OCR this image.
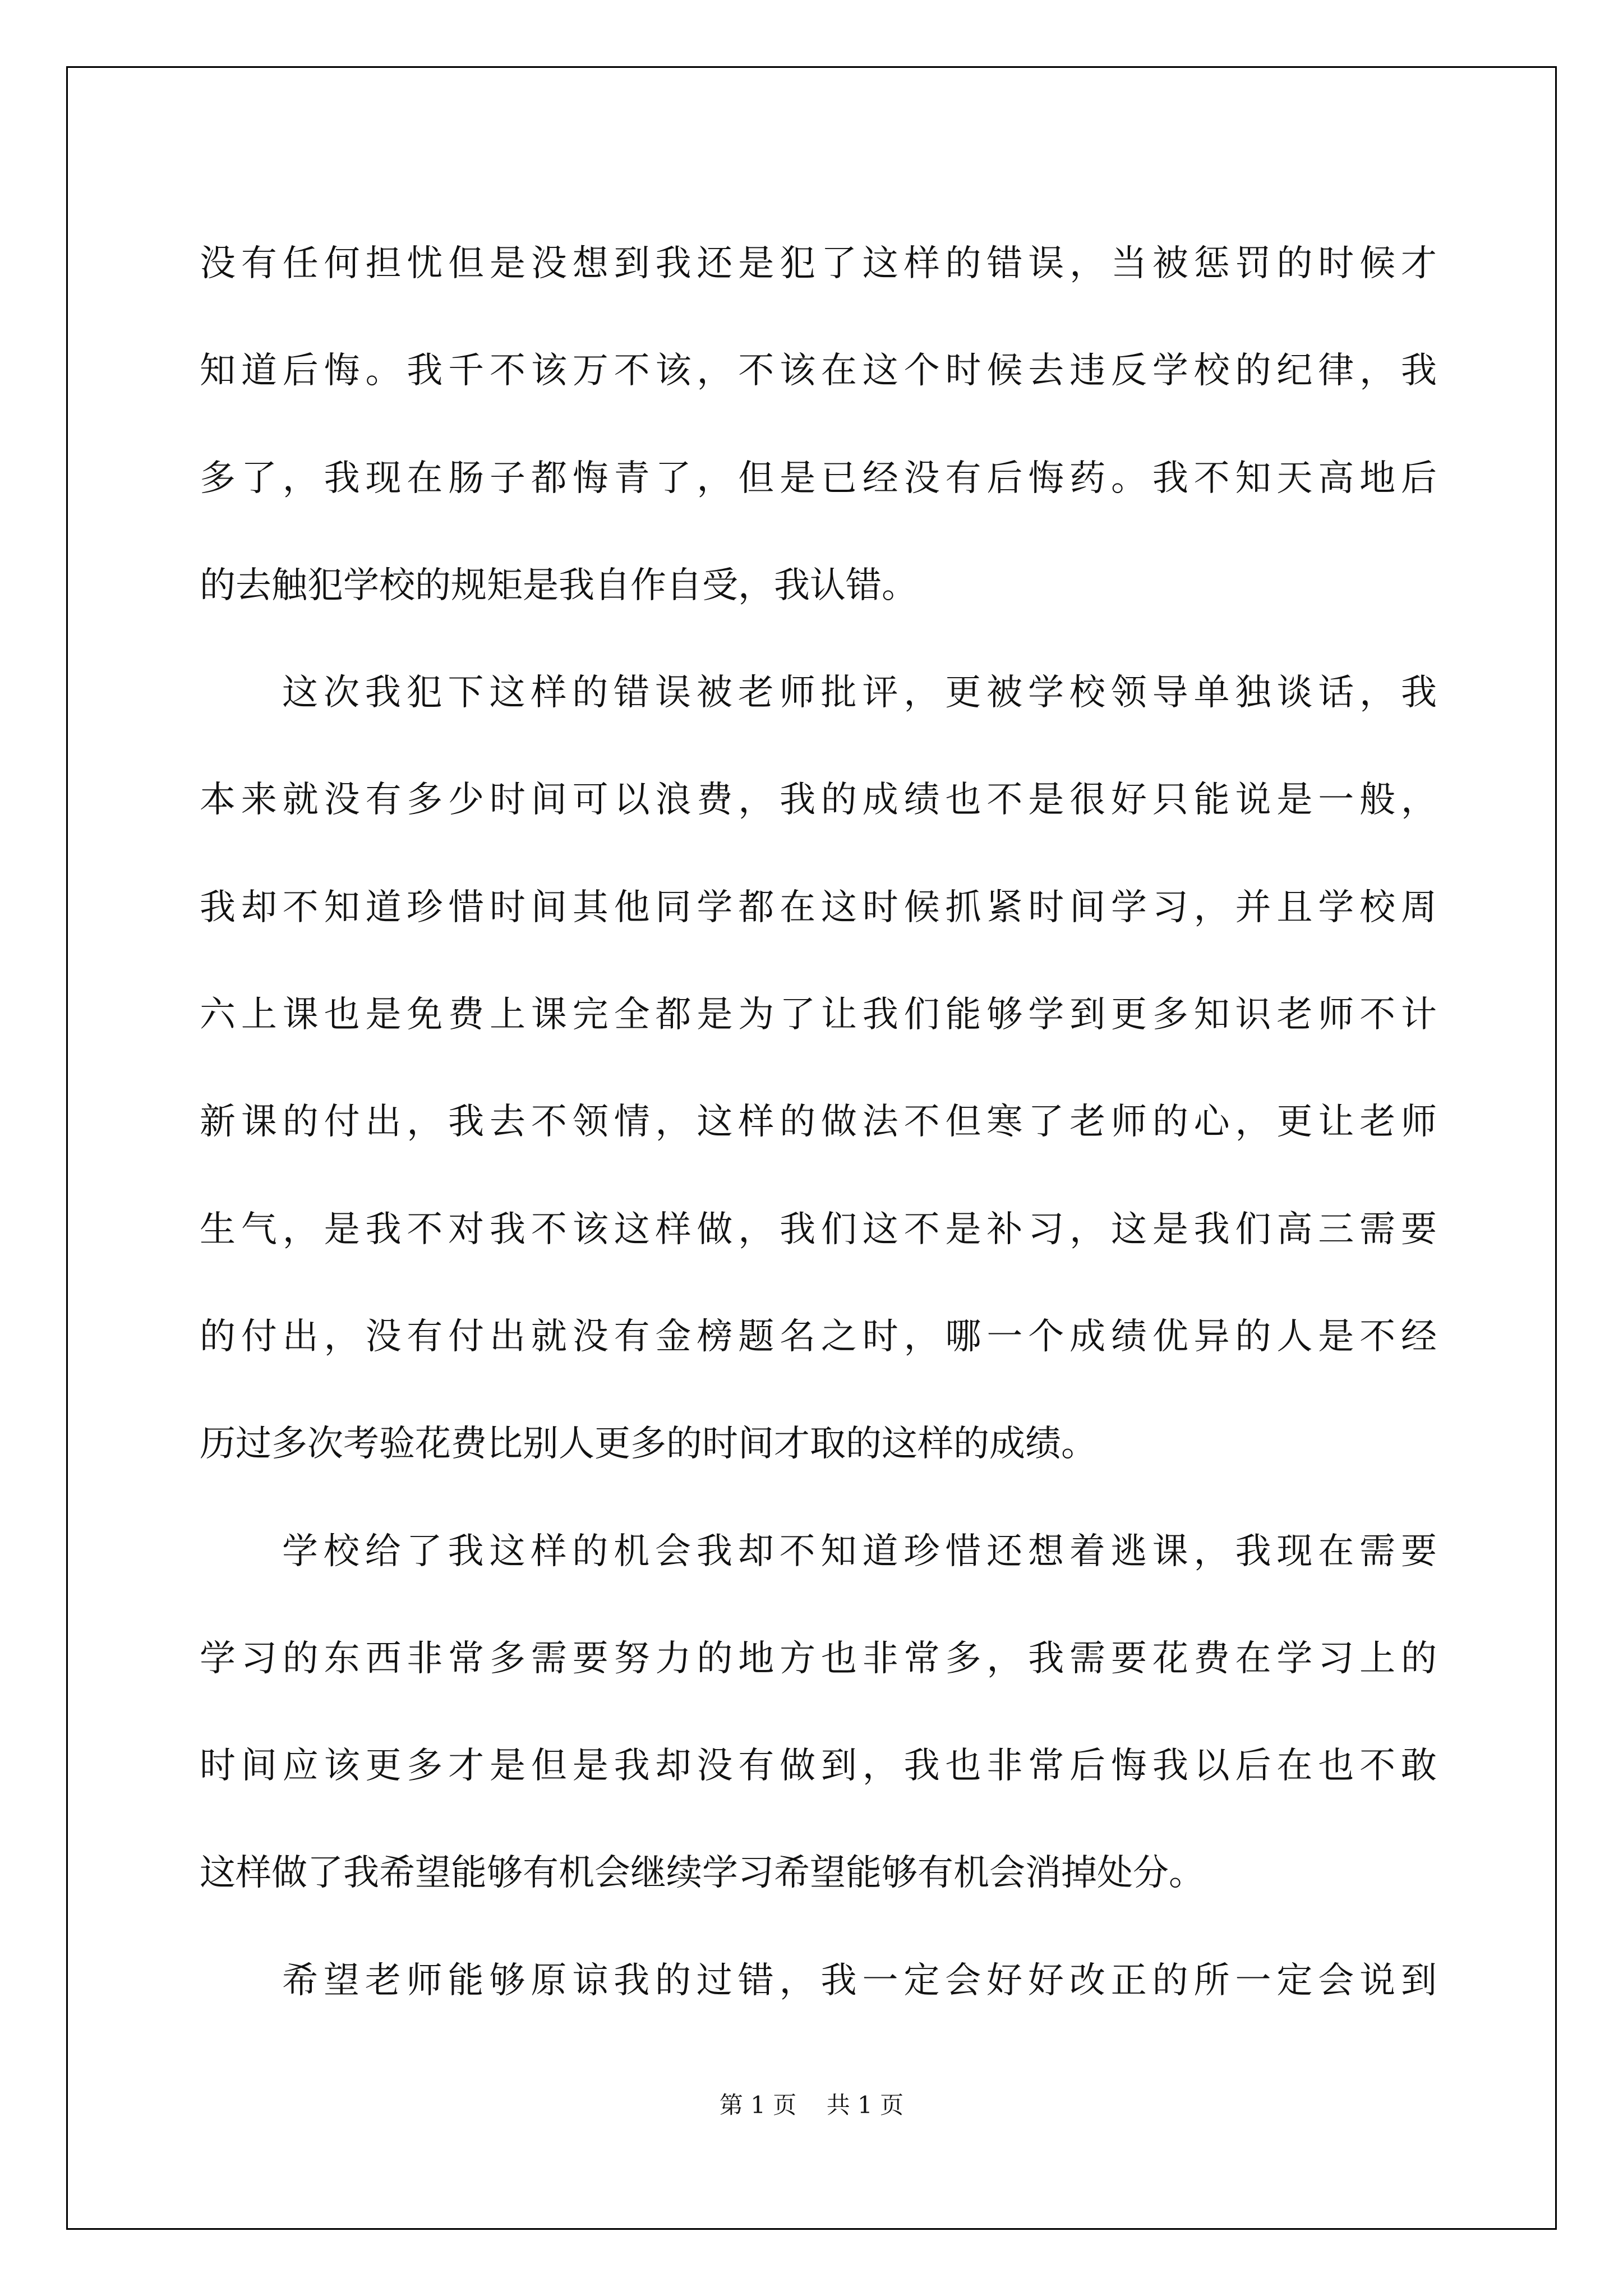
没有任何担忧但是没想到我还是犯了这样的错误，当被惩罚的时候才
知道后悔。我千不该万不该，不该在这个时候去违反学校的纪律，我
多了，我现在肠子都悔青了，但是已经没有后悔药。我不知天高地后
的去触犯学校的规矩是我自作自受，我认错。
这次我犯下这样的错误被老师批评，更被学校领导单独谈话，我
本来就没有多少时间可以浪费，我的成绩也不是很好只能说是一般，
我却不知道珍惜时间其他同学都在这时候抓紧时间学习，并且学校周
六上课也是免费上课完全都是为了让我们能够学到更多知识老师不计
新课的付出，我去不领情，这样的做法不但寒了老师的心，更让老师
生气，是我不对我不该这样做，我们这不是补习，这是我们高三需要
的付出，没有付出就没有金榜题名之时，哪一个成绩优异的人是不经
历过多次考验花费比别人更多的时间才取的这样的成绩。
学校给了我这样的机会我却不知道珍惜还想着逃课，我现在需要
学习的东西非常多需要努力的地方也非常多，我需要花费在学习上的
时间应该更多才是但是我却没有做到，我也非常后悔我以后在也不敢
这样做了我希望能够有机会继续学习希望能够有机会消掉处分。
希望老师能够原谅我的过错，我一定会好好改正的所一定会说到
第 1 页    共 1 页
